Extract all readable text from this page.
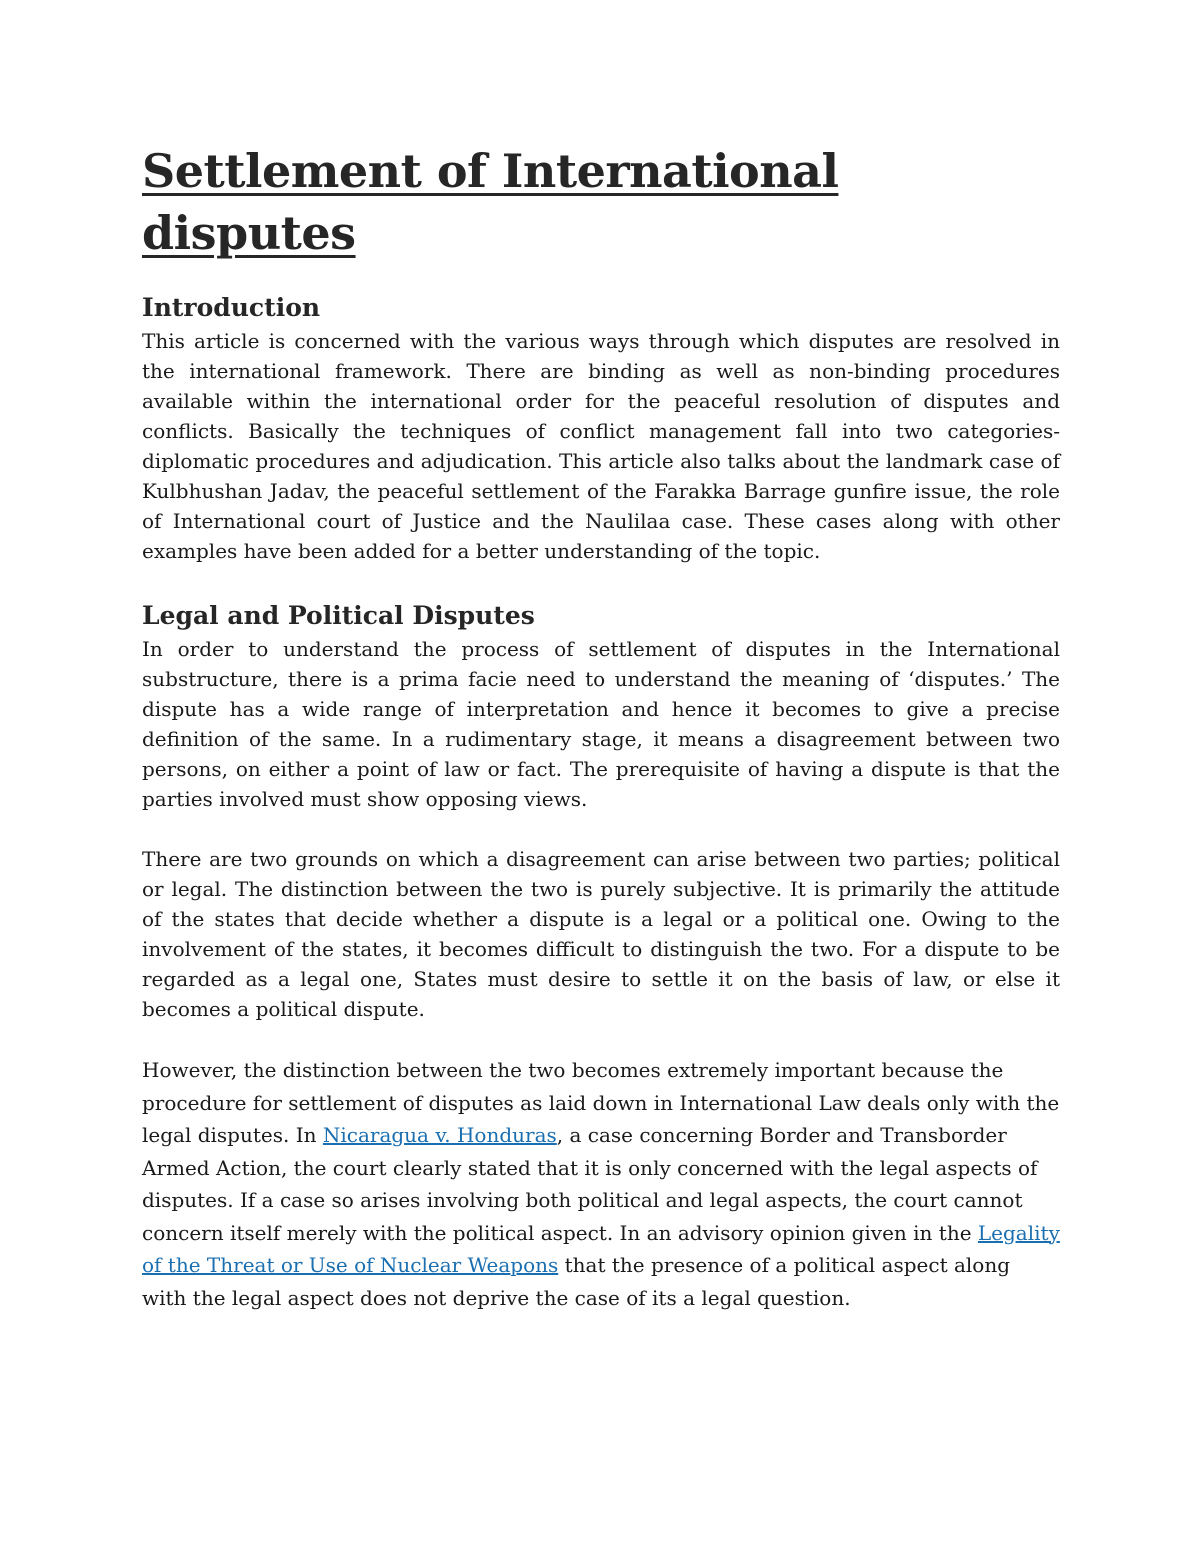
Settlement of International disputes
Introduction

This article is concerned with the various ways through which disputes are resolved in the international framework. There are binding as well as non-binding procedures available within the international order for the peaceful resolution of disputes and conflicts. Basically the techniques of conflict management fall into two categories- diplomatic procedures and adjudication. This article also talks about the landmark case of Kulbhushan Jadav, the peaceful settlement of the Farakka Barrage gunfire issue, the role of International court of Justice and the Naulilaa case. These cases along with other examples have been added for a better understanding of the topic.

Legal and Political Disputes

In order to understand the process of settlement of disputes in the International substructure, there is a prima facie need to understand the meaning of ‘disputes.’ The dispute has a wide range of interpretation and hence it becomes to give a precise definition of the same. In a rudimentary stage, it means a disagreement between two persons, on either a point of law or fact. The prerequisite of having a dispute is that the parties involved must show opposing views.

There are two grounds on which a disagreement can arise between two parties; political or legal. The distinction between the two is purely subjective. It is primarily the attitude of the states that decide whether a dispute is a legal or a political one. Owing to the involvement of the states, it becomes difficult to distinguish the two. For a dispute to be regarded as a legal one, States must desire to settle it on the basis of law, or else it becomes a political dispute.

However, the distinction between the two becomes extremely important because the procedure for settlement of disputes as laid down in International Law deals only with the legal disputes. In Nicaragua v. Honduras, a case concerning Border and Transborder Armed Action, the court clearly stated that it is only concerned with the legal aspects of disputes. If a case so arises involving both political and legal aspects, the court cannot concern itself merely with the political aspect. In an advisory opinion given in the Legality of the Threat or Use of Nuclear Weapons that the presence of a political aspect along with the legal aspect does not deprive the case of its a legal question.
